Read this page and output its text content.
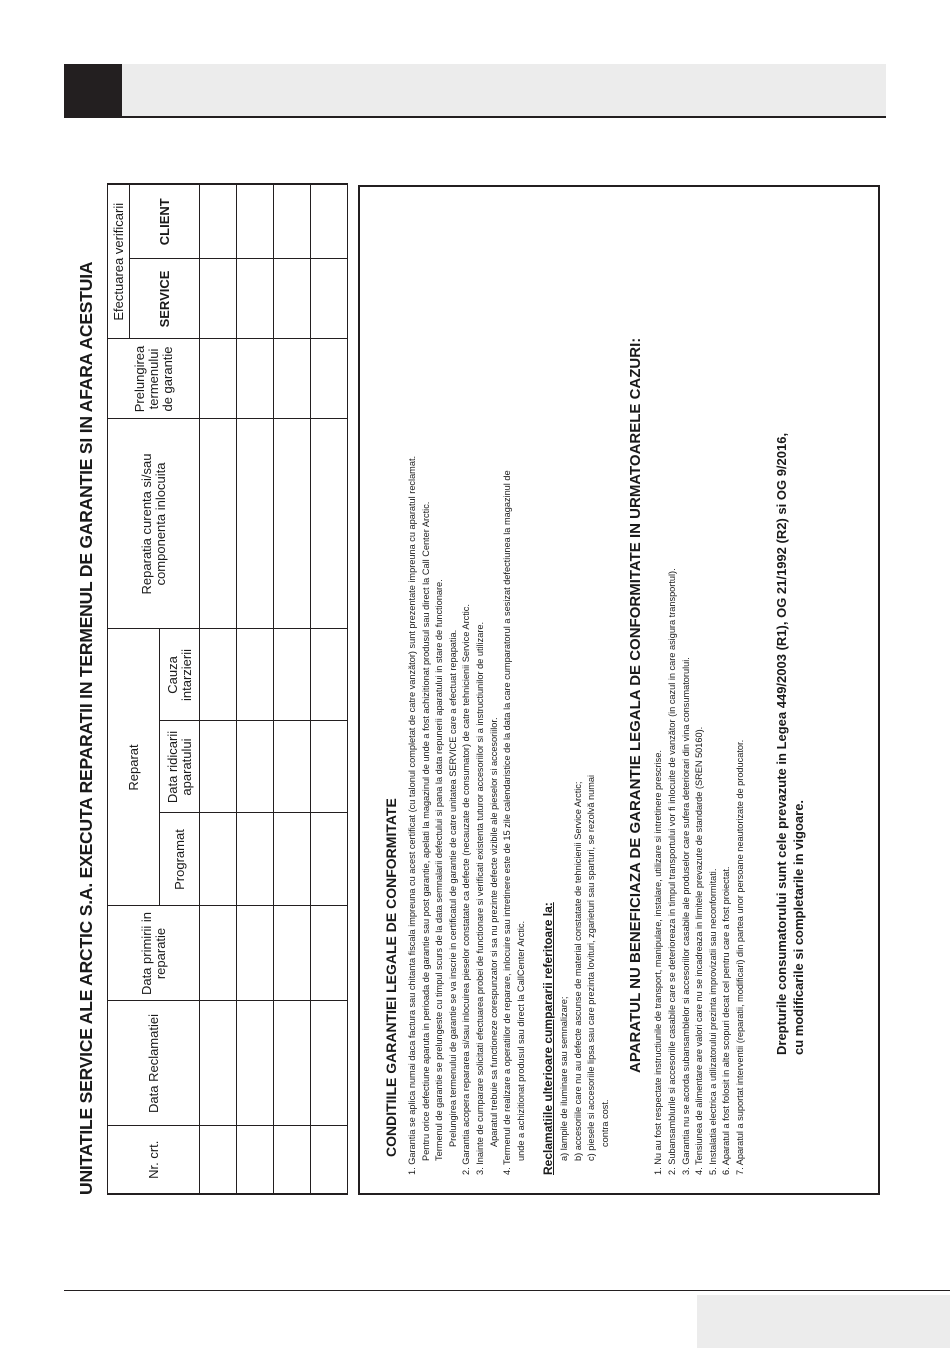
UNITATILE SERVICE ALE ARCTIC S.A. EXECUTA REPARATII IN TERMENUL DE GARANTIE SI IN AFARA ACESTUIA	Nr. crt.	Data Reclamatiei	Data primirii in reparatie	Reparat			Reparatia curenta si/sau componenta inlocuita	Prelungirea termenului de garantie	Efectuarea verificarii	
								SERVICE	CLIENT
			Programat	Data ridicarii aparatului	Cauza intarzierii				

CONDITIILE GARANTIEI LEGALE DE CONFORMITATE 1. Garantia se aplica numai daca factura sau chitanta fiscala impreuna cu acest certificat (cu talonul completat de catre vanzător) sunt prezentate impreuna cu aparatul reclamat. Pentru orice defectiune aparuta in perioada de garantie sau post garantie, apelati la magazinul de unde a fost achizitionat produsul sau direct la Call Center Arctic. Termenul de garantie se prelungeste cu timpul scurs de la data semnalarii defectului si pana la data repunerii aparatului in stare de functionare. Prelungirea termenului de garantie se va inscrie in certificatul de garantie de catre unitatea SERVICE care a efectuat repapatia. 2. Garantia acopera repararea si/sau inlocuirea pieselor constatate ca defecte (necauzate de consumator) de catre tehnicienii Service Arctic. 3. Inainte de cumparare solicitati efectuarea probei de functionare si verificati existenta tuturor accesoriilor si a instructiunilor de utilizare. Aparatul trebuie sa functioneze corespunzator si sa nu prezinte defecte vizibile ale pieselor si accesoriilor. 4. Termenul de realizare a operatiilor de reparare, inlocuire sau intretinere este de 15 zile calendaristice de la data la care cumparatorul a sesizat defectiunea la magazinul de unde a achizitionat produsul sau direct la CallCenter Arctic. Reclamatiile ulterioare cumpararii referitoare la: a) lampile de iluminare sau semnalizare; b) accesoriile care nu au defecte ascunse de material constatate de tehnicienii Service Arctic; c) piesele si accesoriile lipsa sau care prezinta lovituri, zgarieturi sau sparturi, se rezolvă numai contra cost.
APARATUL NU BENEFICIAZA DE GARANTIE LEGALA DE CONFORMITATE IN URMATOARELE CAZURI: 1. Nu au fost respectate instructiunile de transport, manipulare, instalare, utilizare si intretinere prescrise. 2. Subansamblurile si accesoriile casabile care se deterioreaza in timpul transportului vor fi inlocuite de vanzător (in cazul in care asigura transportul). 3. Garantia nu se acorda subansamblelor si accesoriilor casabile ale produselor care sufera deteriorari din vina consumatorului. 4. Tensiunea de alimentare are valori care nu se incadreaza in limitele prevazute de standarde (SREN 50160). 5. Instalatia electrica a utilizatorului prezinta improvizatii sau neconformitati. 6. Aparatul a fost folosit in alte scopuri decat cel pentru care a fost proiectat. 7. Aparatul a suportat interventii (reparatii, modificari) din partea unor persoane neautorizate de producator. Drepturile consumatorului sunt cele prevazute in Legea 449/2003 (R1), OG 21/1992 (R2) si OG 9/2016, cu modificarile si completarile in vigoare.
